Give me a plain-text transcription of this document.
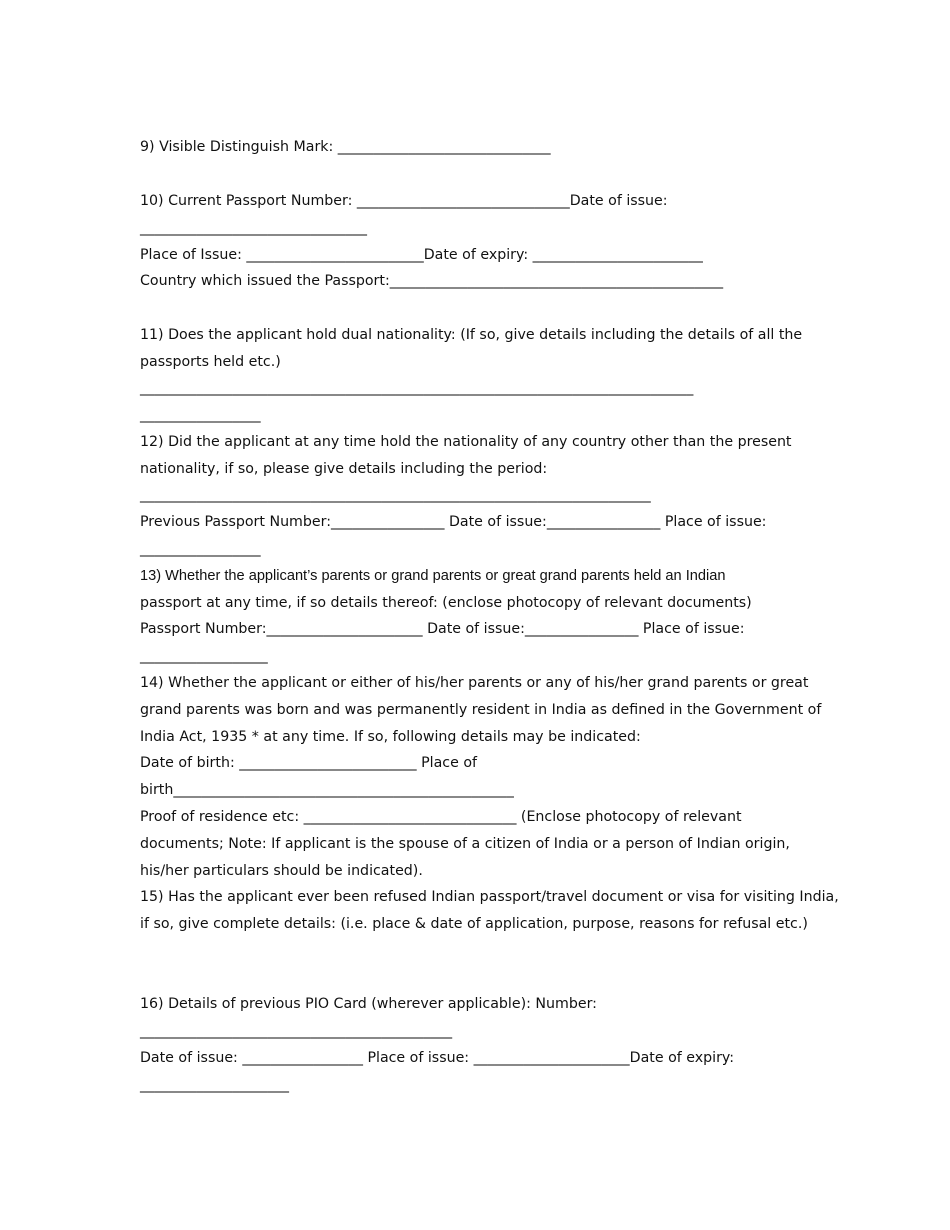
9) Visible Distinguish Mark: ______________________________
10) Current Passport Number: ______________________________Date of issue:
________________________________
Place of Issue: _________________________Date of expiry: ________________________
Country which issued the Passport:_______________________________________________
11) Does the applicant hold dual nationality: (If so, give details including the details of all the
passports held etc.)
______________________________________________________________________________
_________________
12) Did the applicant at any time hold the nationality of any country other than the present
nationality, if so, please give details including the period:
________________________________________________________________________
Previous Passport Number:________________ Date of issue:________________ Place of issue:
_________________
13) Whether the applicant’s parents or grand parents or great grand parents held an Indian
passport at any time, if so details thereof: (enclose photocopy of relevant documents)
Passport Number:______________________ Date of issue:________________ Place of issue:
__________________
14) Whether the applicant or either of his/her parents or any of his/her grand parents or great
grand parents was born and was permanently resident in India as defined in the Government of
India Act, 1935 * at any time. If so, following details may be indicated:
Date of birth: _________________________ Place of
birth________________________________________________
Proof of residence etc: ______________________________ (Enclose photocopy of relevant
documents; Note: If applicant is the spouse of a citizen of India or a person of Indian origin,
his/her particulars should be indicated).
15) Has the applicant ever been refused Indian passport/travel document or visa for visiting India,
if so, give complete details: (i.e. place & date of application, purpose, reasons for refusal etc.)
16) Details of previous PIO Card (wherever applicable): Number:
____________________________________________
Date of issue: _________________ Place of issue: ______________________Date of expiry:
_____________________
